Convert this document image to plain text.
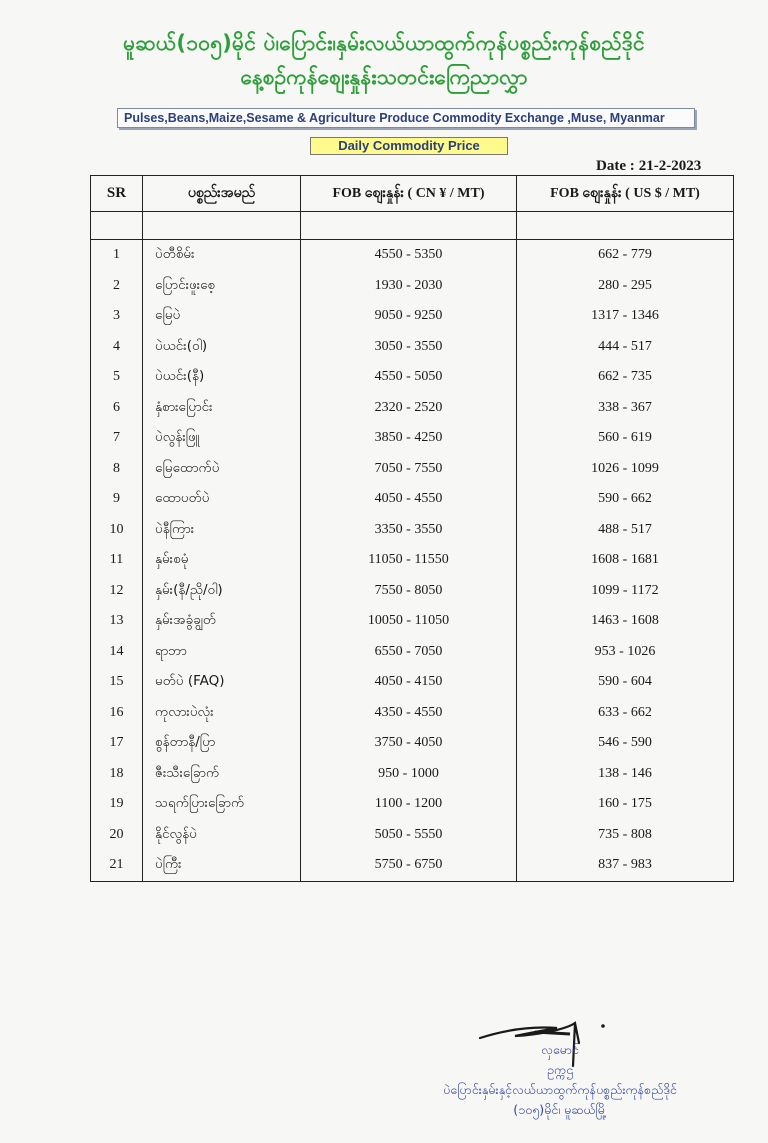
မူဆယ်(၁၀၅)မိုင် ပဲ၊ပြောင်း၊နှမ်းလယ်ယာထွက်ကုန်ပစ္စည်းကုန်စည်ဒိုင်
နေ့စဉ်ကုန်စျေးနှုန်းသတင်းကြေညာလွှာ
Pulses,Beans,Maize,Sesame & Agriculture Produce Commodity Exchange ,Muse, Myanmar
Daily Commodity Price
Date : 21-2-2023
SR	ပစ္စည်းအမည်	FOB စျေးနှုန်း ( CN ¥ / MT)	FOB စျေးနှုန်း ( US $ / MT)

1	ပဲတီစိမ်း	4550 - 5350	662 - 779
2	ပြောင်းဖူးစေ့	1930 - 2030	280 - 295
3	မြေပဲ	9050 - 9250	1317 - 1346
4	ပဲယင်း(ဝါ)	3050 - 3550	444 - 517
5	ပဲယင်း(နီ)	4550 - 5050	662 - 735
6	နှံစားပြောင်း	2320 - 2520	338 - 367
7	ပဲလွန်းဖြူ	3850 - 4250	560 - 619
8	မြေထောက်ပဲ	7050 - 7550	1026 - 1099
9	ထောပတ်ပဲ	4050 - 4550	590 - 662
10	ပဲနီကြား	3350 - 3550	488 - 517
11	နှမ်းစမုံ	11050 - 11550	1608 - 1681
12	နှမ်း(နီ/ညို/ဝါ)	7550 - 8050	1099 - 1172
13	နှမ်းအခွံချွတ်	10050 - 11050	1463 - 1608
14	ရာဘာ	6550 - 7050	953 - 1026
15	မတ်ပဲ (FAQ)	4050 - 4150	590 - 604
16	ကုလားပဲလုံး	4350 - 4550	633 - 662
17	စွန်တာနီ/ပြာ	3750 - 4050	546 - 590
18	ဇီးသီးခြောက်	950 - 1000	138 - 146
19	သရက်ပြားခြောက်	1100 - 1200	160 - 175
20	နိုင်လွန်ပဲ	5050 - 5550	735 - 808
21	ပဲကြီး	5750 - 6750	837 - 983
လှမောင်
ဥက္ကဌ
ပဲပြောင်းနှမ်းနှင့်လယ်ယာထွက်ကုန်ပစ္စည်းကုန်စည်ဒိုင်
(၁၀၅)မိုင်၊ မူဆယ်မြို့
